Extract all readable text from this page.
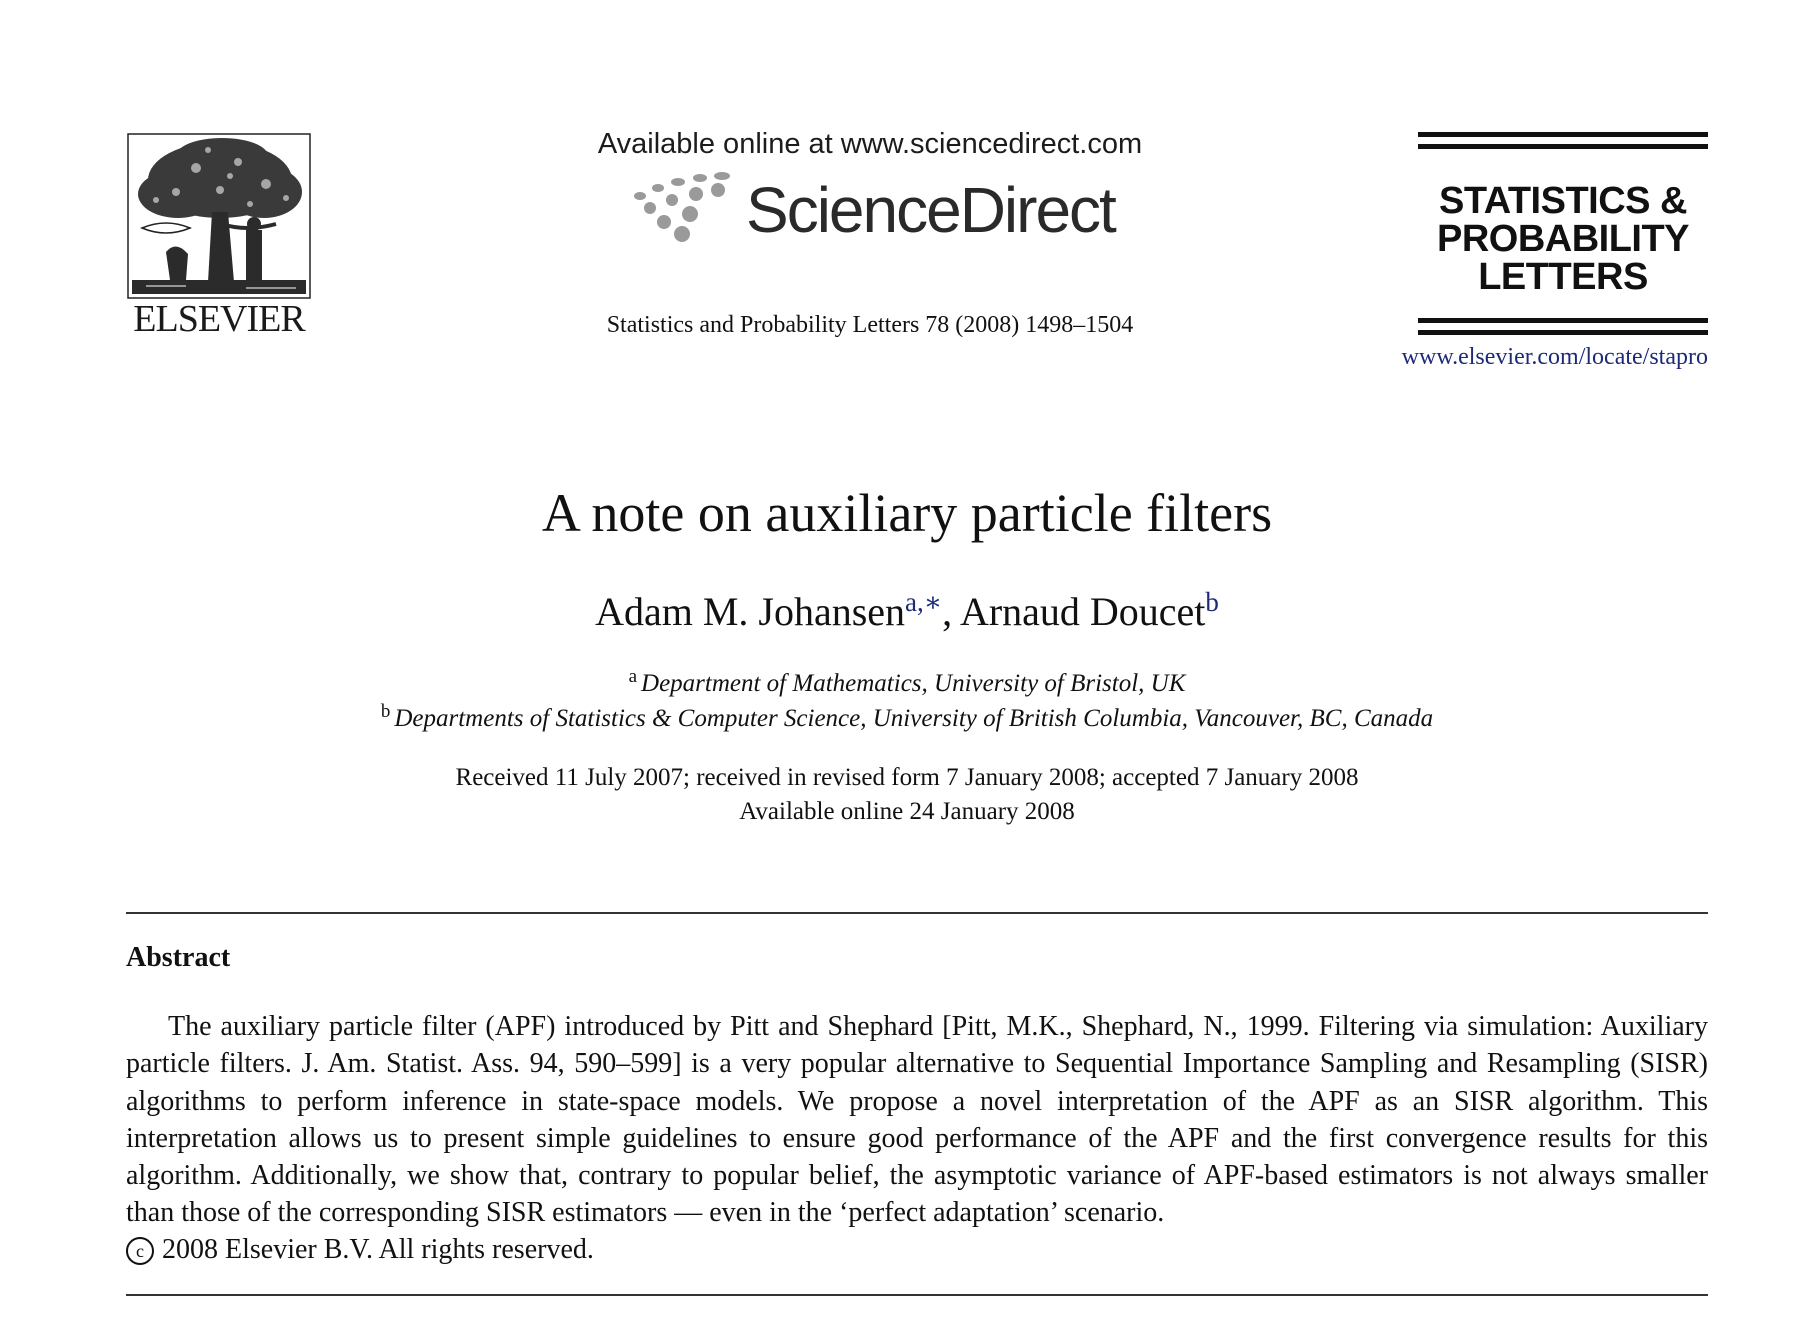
ELSEVIER
Available online at www.sciencedirect.com
ScienceDirect
Statistics and Probability Letters 78 (2008) 1498–1504
STATISTICS &
PROBABILITY
LETTERS
www.elsevier.com/locate/stapro
A note on auxiliary particle filters
Adam M. Johansen$^{a,∗}$, Arnaud Doucet$^b$
$^a$ Department of Mathematics, University of Bristol, UK
$^b$ Departments of Statistics & Computer Science, University of British Columbia, Vancouver, BC, Canada
Received 11 July 2007; received in revised form 7 January 2008; accepted 7 January 2008
Available online 24 January 2008
Abstract
The auxiliary particle filter (APF) introduced by Pitt and Shephard [Pitt, M.K., Shephard, N., 1999. Filtering via simulation: Auxiliary particle filters. J. Am. Statist. Ass. 94, 590–599] is a very popular alternative to Sequential Importance Sampling and Resampling (SISR) algorithms to perform inference in state-space models. We propose a novel interpretation of the APF as an SISR algorithm. This interpretation allows us to present simple guidelines to ensure good performance of the APF and the first convergence results for this algorithm. Additionally, we show that, contrary to popular belief, the asymptotic variance of APF-based estimators is not always smaller than those of the corresponding SISR estimators — even in the ‘perfect adaptation’ scenario.
c 2008 Elsevier B.V. All rights reserved.
